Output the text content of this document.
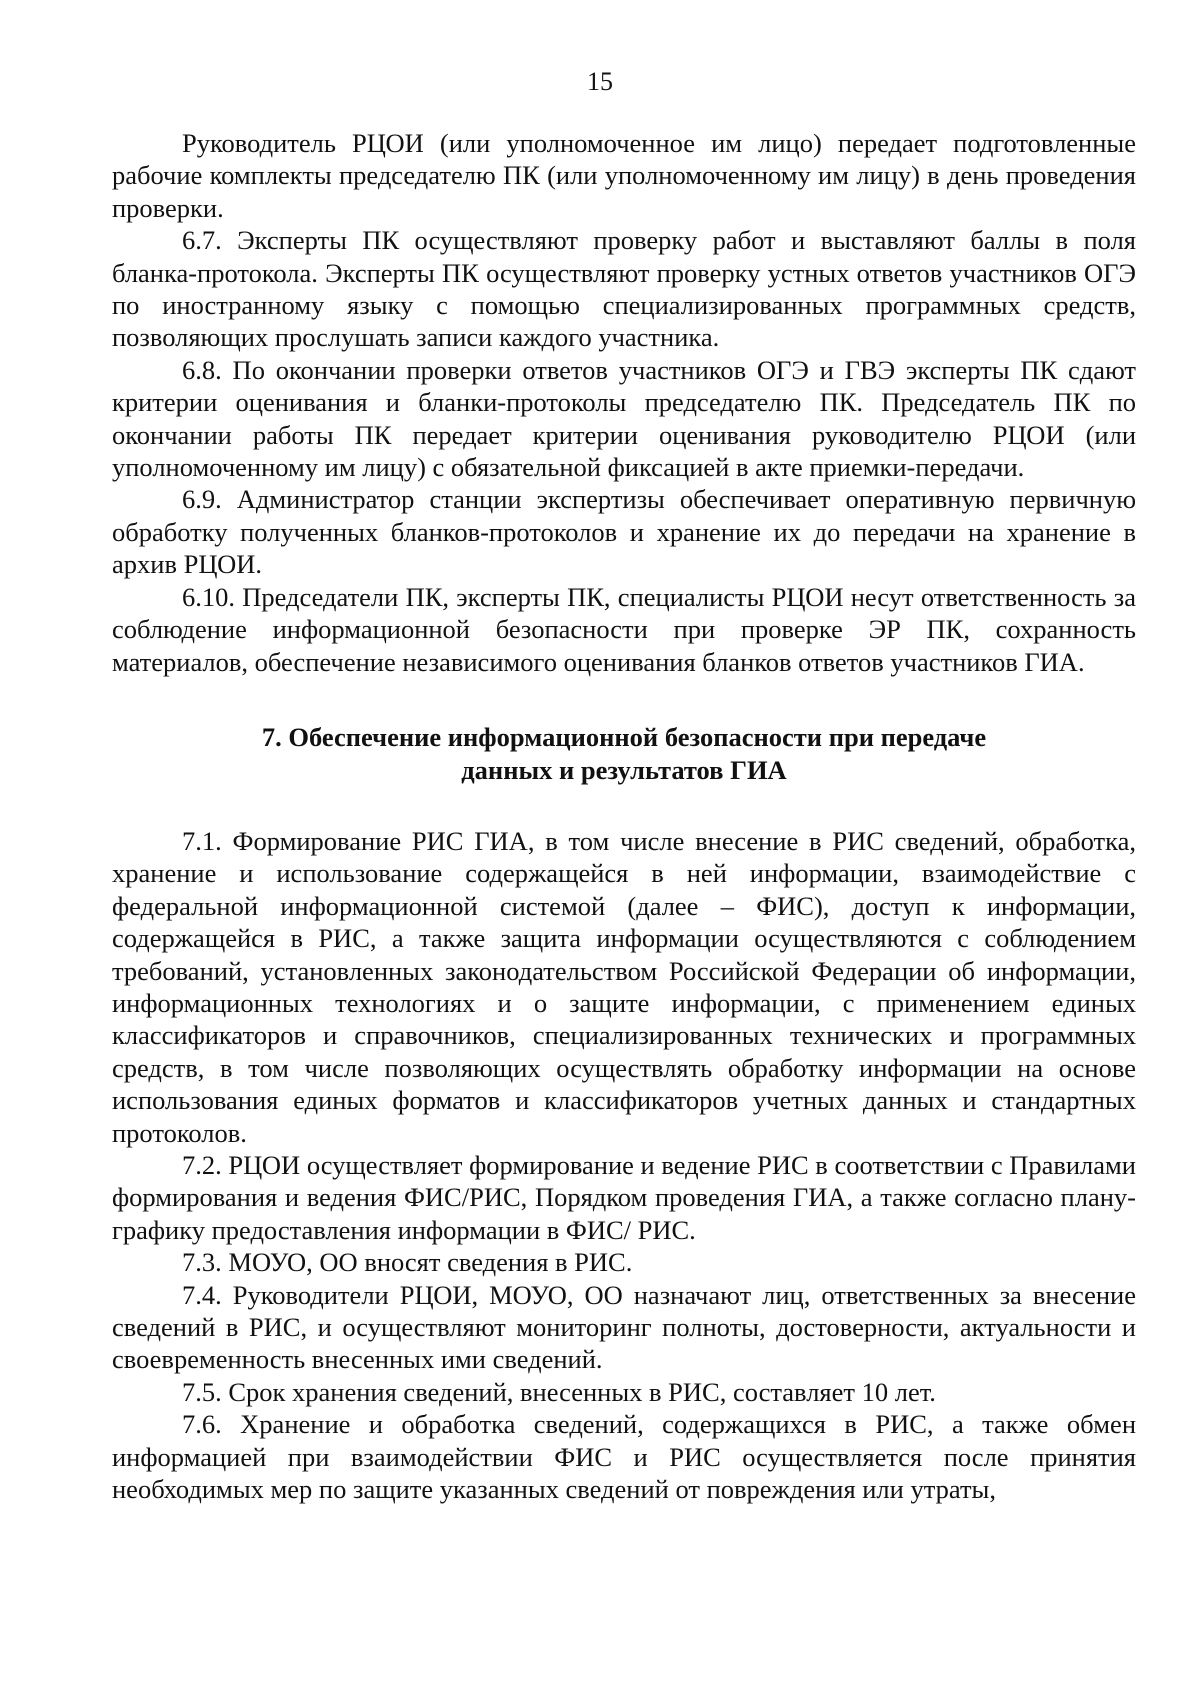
15

Руководитель РЦОИ (или уполномоченное им лицо) передает подготовленные рабочие комплекты председателю ПК (или уполномоченному им лицу) в день проведения проверки.

6.7. Эксперты ПК осуществляют проверку работ и выставляют баллы в поля бланка-протокола. Эксперты ПК осуществляют проверку устных ответов участников ОГЭ по иностранному языку с помощью специализированных программных средств, позволяющих прослушать записи каждого участника.

6.8. По окончании проверки ответов участников ОГЭ и ГВЭ эксперты ПК сдают критерии оценивания и бланки-протоколы председателю ПК. Председатель ПК по окончании работы ПК передает критерии оценивания руководителю РЦОИ (или уполномоченному им лицу) с обязательной фиксацией в акте приемки-передачи.

6.9. Администратор станции экспертизы обеспечивает оперативную первичную обработку полученных бланков-протоколов и хранение их до передачи на хранение в архив РЦОИ.

6.10. Председатели ПК, эксперты ПК, специалисты РЦОИ несут ответственность за соблюдение информационной безопасности при проверке ЭР ПК, сохранность материалов, обеспечение независимого оценивания бланков ответов участников ГИА.

7. Обеспечение информационной безопасности при передаче
данных и результатов ГИА

7.1. Формирование РИС ГИА, в том числе внесение в РИС сведений, обработка, хранение и использование содержащейся в ней информации, взаимодействие с федеральной информационной системой (далее – ФИС), доступ к информации, содержащейся в РИС, а также защита информации осуществляются с соблюдением требований, установленных законодательством Российской Федерации об информации, информационных технологиях и о защите информации, с применением единых классификаторов и справочников, специализированных технических и программных средств, в том числе позволяющих осуществлять обработку информации на основе использования единых форматов и классификаторов учетных данных и стандартных протоколов.

7.2. РЦОИ осуществляет формирование и ведение РИС в соответствии с Правилами формирования и ведения ФИС/РИС, Порядком проведения ГИА, а также согласно плану-графику предоставления информации в ФИС/ РИС.

7.3. МОУО, ОО вносят сведения в РИС.

7.4. Руководители РЦОИ, МОУО, ОО назначают лиц, ответственных за внесение сведений в РИС, и осуществляют мониторинг полноты, достоверности, актуальности и своевременность внесенных ими сведений.

7.5. Срок хранения сведений, внесенных в РИС, составляет 10 лет.

7.6. Хранение и обработка сведений, содержащихся в РИС, а также обмен информацией при взаимодействии ФИС и РИС осуществляется после принятия необходимых мер по защите указанных сведений от повреждения или утраты,
